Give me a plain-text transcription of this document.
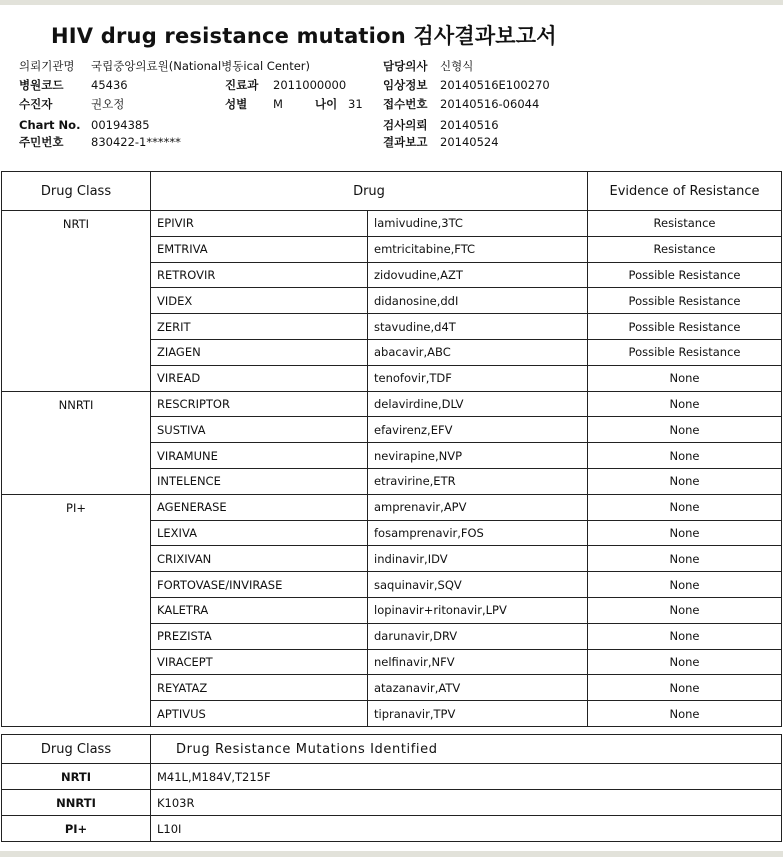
HIV drug resistance mutation 검사결과보고서
의뢰기관명 국립중앙의료원(National병동ical Center)
병원코드 45436
수진자	권오정
Chart No. 00194385
주민번호 830422-1******
진료과 2011000000
성별 M	나이 31
담당의사 신형식
임상정보 20140516E100270
접수번호 20140516-06044
검사의뢰 20140516
결과보고 20140524
Drug Class	Drug		Evidence of Resistance
NRTI	EPIVIR	lamivudine,3TC	Resistance
	EMTRIVA	emtricitabine,FTC	Resistance
	RETROVIR	zidovudine,AZT	Possible Resistance
	VIDEX	didanosine,ddI	Possible Resistance
	ZERIT	stavudine,d4T	Possible Resistance
	ZIAGEN	abacavir,ABC	Possible Resistance
	VIREAD	tenofovir,TDF	None
NNRTI	RESCRIPTOR	delavirdine,DLV	None
	SUSTIVA	efavirenz,EFV	None
	VIRAMUNE	nevirapine,NVP	None
	INTELENCE	etravirine,ETR	None
PI+	AGENERASE	amprenavir,APV	None
	LEXIVA	fosamprenavir,FOS	None
	CRIXIVAN	indinavir,IDV	None
	FORTOVASE/INVIRASE	saquinavir,SQV	None
	KALETRA	lopinavir+ritonavir,LPV	None
	PREZISTA	darunavir,DRV	None
	VIRACEPT	nelfinavir,NFV	None
	REYATAZ	atazanavir,ATV	None
	APTIVUS	tipranavir,TPV	None
Drug Class	Drug Resistance Mutations Identified
NRTI	M41L,M184V,T215F
NNRTI	K103R
PI+	L10I
